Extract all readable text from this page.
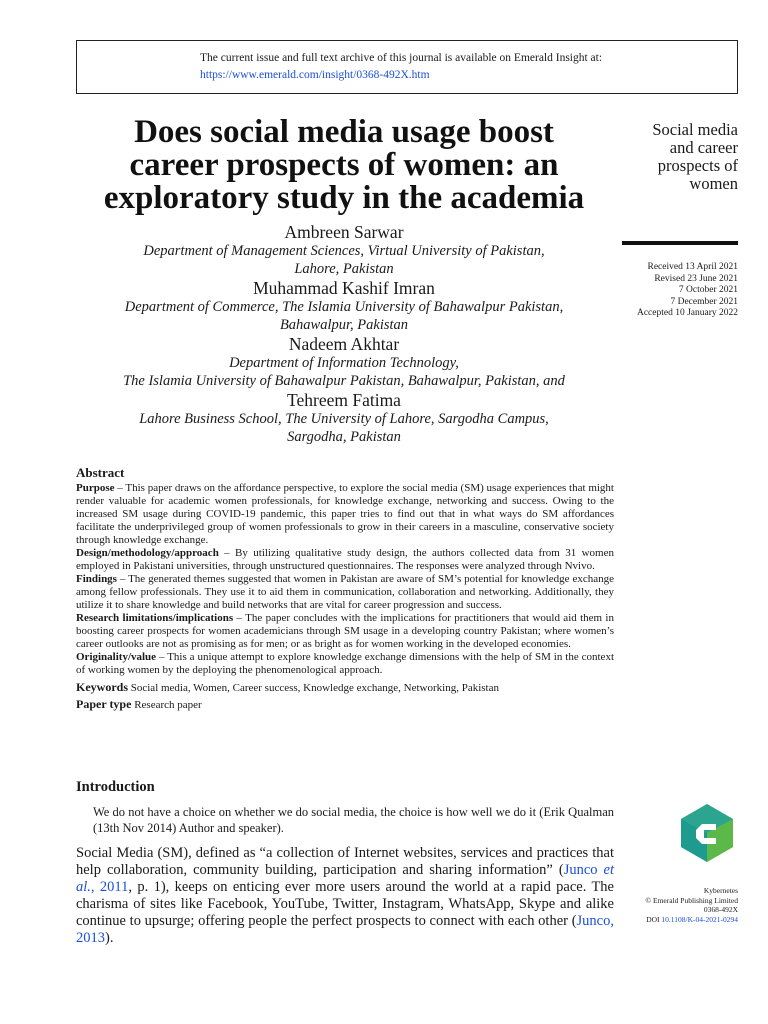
The current issue and full text archive of this journal is available on Emerald Insight at:
https://www.emerald.com/insight/0368-492X.htm
Does social media usage boost
career prospects of women: an
exploratory study in the academia
Social media
and career
prospects of
women
Received 13 April 2021
Revised 23 June 2021
7 October 2021
7 December 2021
Accepted 10 January 2022
Ambreen Sarwar
Department of Management Sciences, Virtual University of Pakistan,
Lahore, Pakistan
Muhammad Kashif Imran
Department of Commerce, The Islamia University of Bahawalpur Pakistan,
Bahawalpur, Pakistan
Nadeem Akhtar
Department of Information Technology,
The Islamia University of Bahawalpur Pakistan, Bahawalpur, Pakistan, and
Tehreem Fatima
Lahore Business School, The University of Lahore, Sargodha Campus,
Sargodha, Pakistan
Abstract

Purpose – This paper draws on the affordance perspective, to explore the social media (SM) usage experiences that might render valuable for academic women professionals, for knowledge exchange, networking and success. Owing to the increased SM usage during COVID-19 pandemic, this paper tries to find out that in what ways do SM affordances facilitate the underprivileged group of women professionals to grow in their careers in a masculine, conservative society through knowledge exchange.

Design/methodology/approach – By utilizing qualitative study design, the authors collected data from 31 women employed in Pakistani universities, through unstructured questionnaires. The responses were analyzed through Nvivo.

Findings – The generated themes suggested that women in Pakistan are aware of SM’s potential for knowledge exchange among fellow professionals. They use it to aid them in communication, collaboration and networking. Additionally, they utilize it to share knowledge and build networks that are vital for career progression and success.

Research limitations/implications – The paper concludes with the implications for practitioners that would aid them in boosting career prospects for women academicians through SM usage in a developing country Pakistan; where women’s career outlooks are not as promising as for men; or as bright as for women working in the developed economies.

Originality/value – This a unique attempt to explore knowledge exchange dimensions with the help of SM in the context of working women by the deploying the phenomenological approach.

Keywords Social media, Women, Career success, Knowledge exchange, Networking, Pakistan
Paper type Research paper
Introduction
We do not have a choice on whether we do social media, the choice is how well we do it (Erik Qualman (13th Nov 2014) Author and speaker).
Social Media (SM), defined as “a collection of Internet websites, services and practices that help collaboration, community building, participation and sharing information” (Junco et al., 2011, p. 1), keeps on enticing ever more users around the world at a rapid pace. The charisma of sites like Facebook, YouTube, Twitter, Instagram, WhatsApp, Skype and alike continue to upsurge; offering people the perfect prospects to connect with each other (Junco, 2013).
Kybernetes
© Emerald Publishing Limited
0368-492X
DOI 10.1108/K-04-2021-0294
